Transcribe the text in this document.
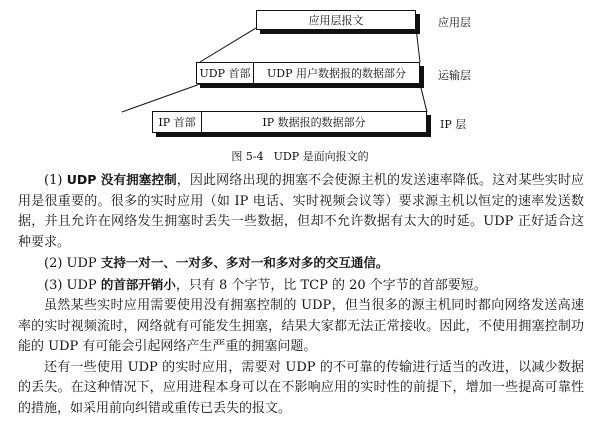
应用层报文	应用层
UDP 首部 UDP 用户数据报的数据部分	运输层
IP 首部	IP 数据报的数据部分	IP 层
图 5-4 UDP 是面向报文的

(1) UDP 没有拥塞控制，因此网络出现的拥塞不会使源主机的发送速率降低。这对某些实时应用是很重要的。很多的实时应用（如 IP 电话、实时视频会议等）要求源主机以恒定的速率发送数据，并且允许在网络发生拥塞时丢失一些数据，但却不允许数据有太大的时延。UDP 正好适合这种要求。

(2) UDP 支持一对一、一对多、多对一和多对多的交互通信。

(3) UDP 的首部开销小，只有 8 个字节，比 TCP 的 20 个字节的首部要短。

虽然某些实时应用需要使用没有拥塞控制的 UDP，但当很多的源主机同时都向网络发送高速率的实时视频流时，网络就有可能发生拥塞，结果大家都无法正常接收。因此，不使用拥塞控制功能的 UDP 有可能会引起网络产生严重的拥塞问题。

还有一些使用 UDP 的实时应用，需要对 UDP 的不可靠的传输进行适当的改进，以减少数据的丢失。在这种情况下，应用进程本身可以在不影响应用的实时性的前提下，增加一些提高可靠性的措施，如采用前向纠错或重传已丢失的报文。
